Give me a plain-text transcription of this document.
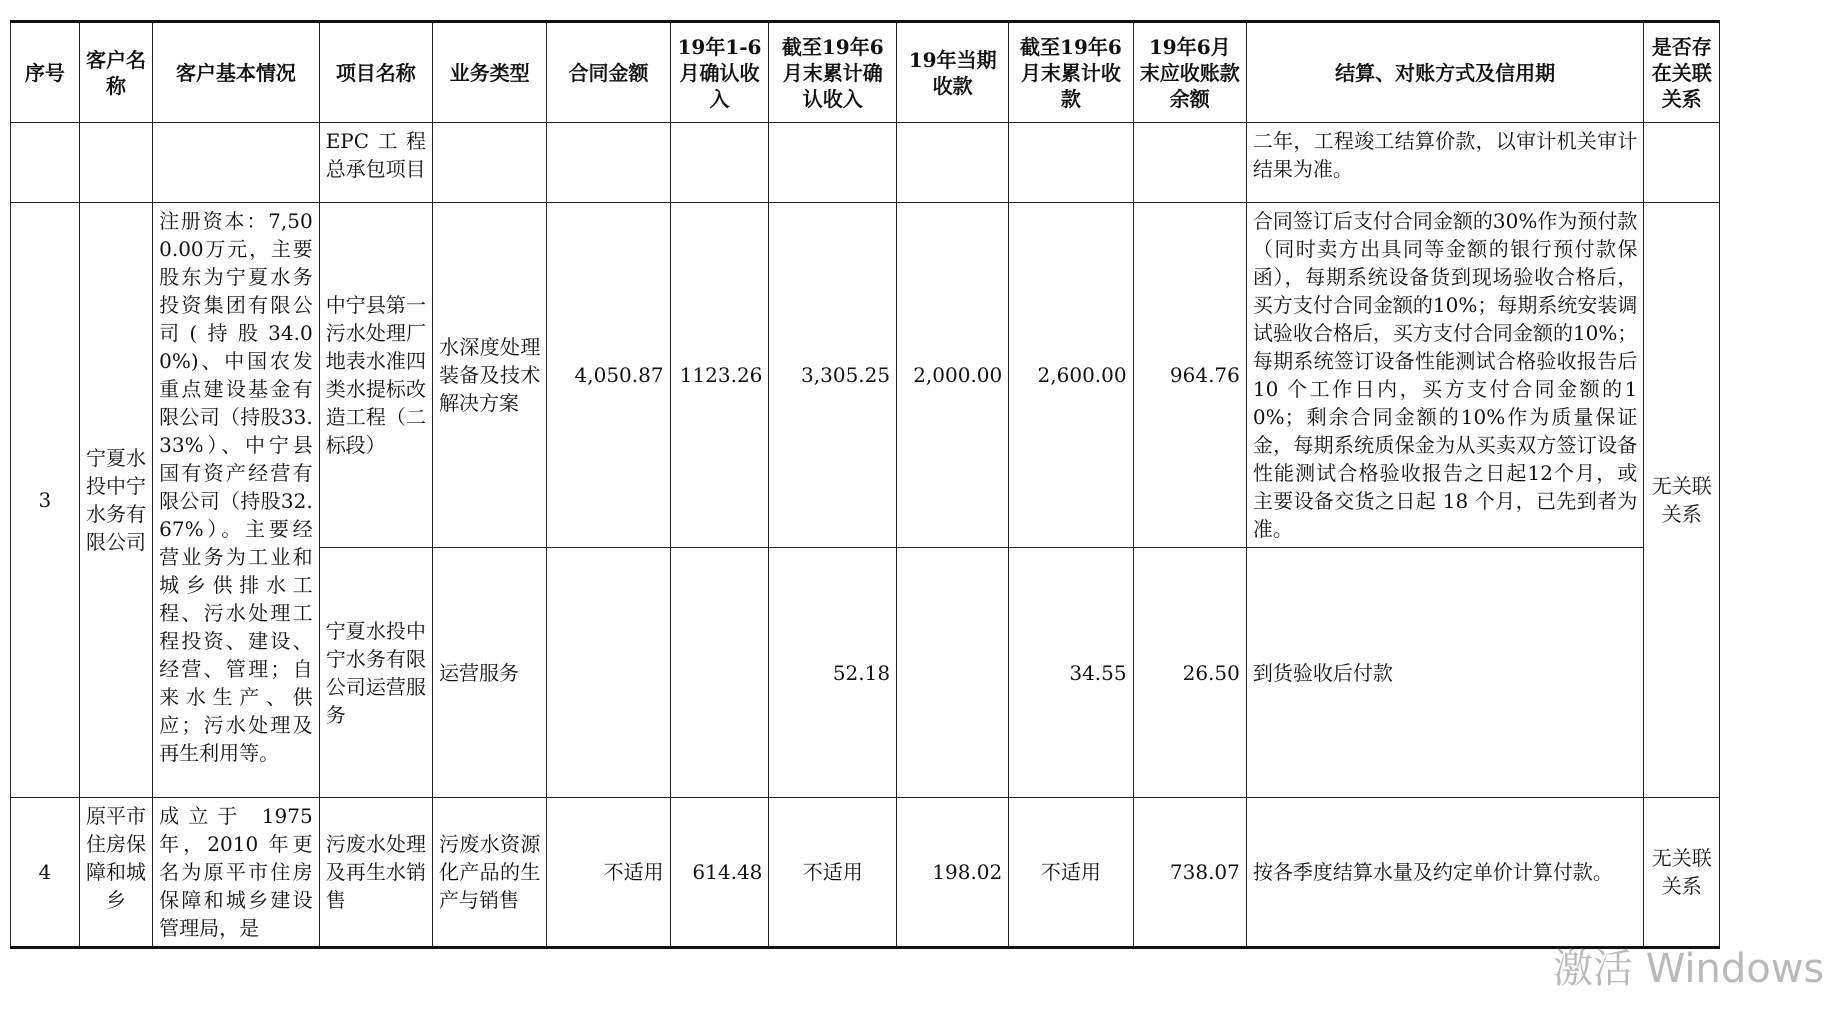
序号	客户名称	客户基本情况	项目名称	业务类型	合同金额	19年1-6月确认收入	截至19年6月末累计确认收入	19年当期收款	截至19年6月末累计收款	19年6月末应收账款余额	结算、对账方式及信用期	是否存在关联关系
			EPC工程总承包项目								二年，工程竣工结算价款，以审计机关审计结果为准。	
3	宁夏水投中宁水务有限公司	注册资本：7,500.00万元，主要股东为宁夏水务投资集团有限公司(持股34.00%)、中国农发重点建设基金有限公司（持股33.33%）、中宁县国有资产经营有限公司（持股32.67%）。主要经营业务为工业和城乡供排水工程、污水处理工程投资、建设、经营、管理；自来水生产、供应；污水处理及再生利用等。	中宁县第一污水处理厂地表水准四类水提标改造工程（二标段）	水深度处理装备及技术解决方案	4,050.87	1123.26	3,305.25	2,000.00	2,600.00	964.76	合同签订后支付合同金额的30%作为预付款（同时卖方出具同等金额的银行预付款保函），每期系统设备货到现场验收合格后，买方支付合同金额的10%；每期系统安装调试验收合格后，买方支付合同金额的10%；每期系统签订设备性能测试合格验收报告后 10 个工作日内，买方支付合同金额的10%；剩余合同金额的10%作为质量保证金，每期系统质保金为从买卖双方签订设备性能测试合格验收报告之日起12个月，或主要设备交货之日起 18 个月，已先到者为准。	无关联关系
			宁夏水投中宁水务有限公司运营服务	运营服务			52.18		34.55	26.50	到货验收后付款	
4	原平市住房保障和城乡	成立于 1975 年，2010 年更名为原平市住房保障和城乡建设管理局，是	污废水处理及再生水销售	污废水资源化产品的生产与销售	不适用	614.48	不适用	198.02	不适用	738.07	按各季度结算水量及约定单价计算付款。	无关联关系
激活 Windows
